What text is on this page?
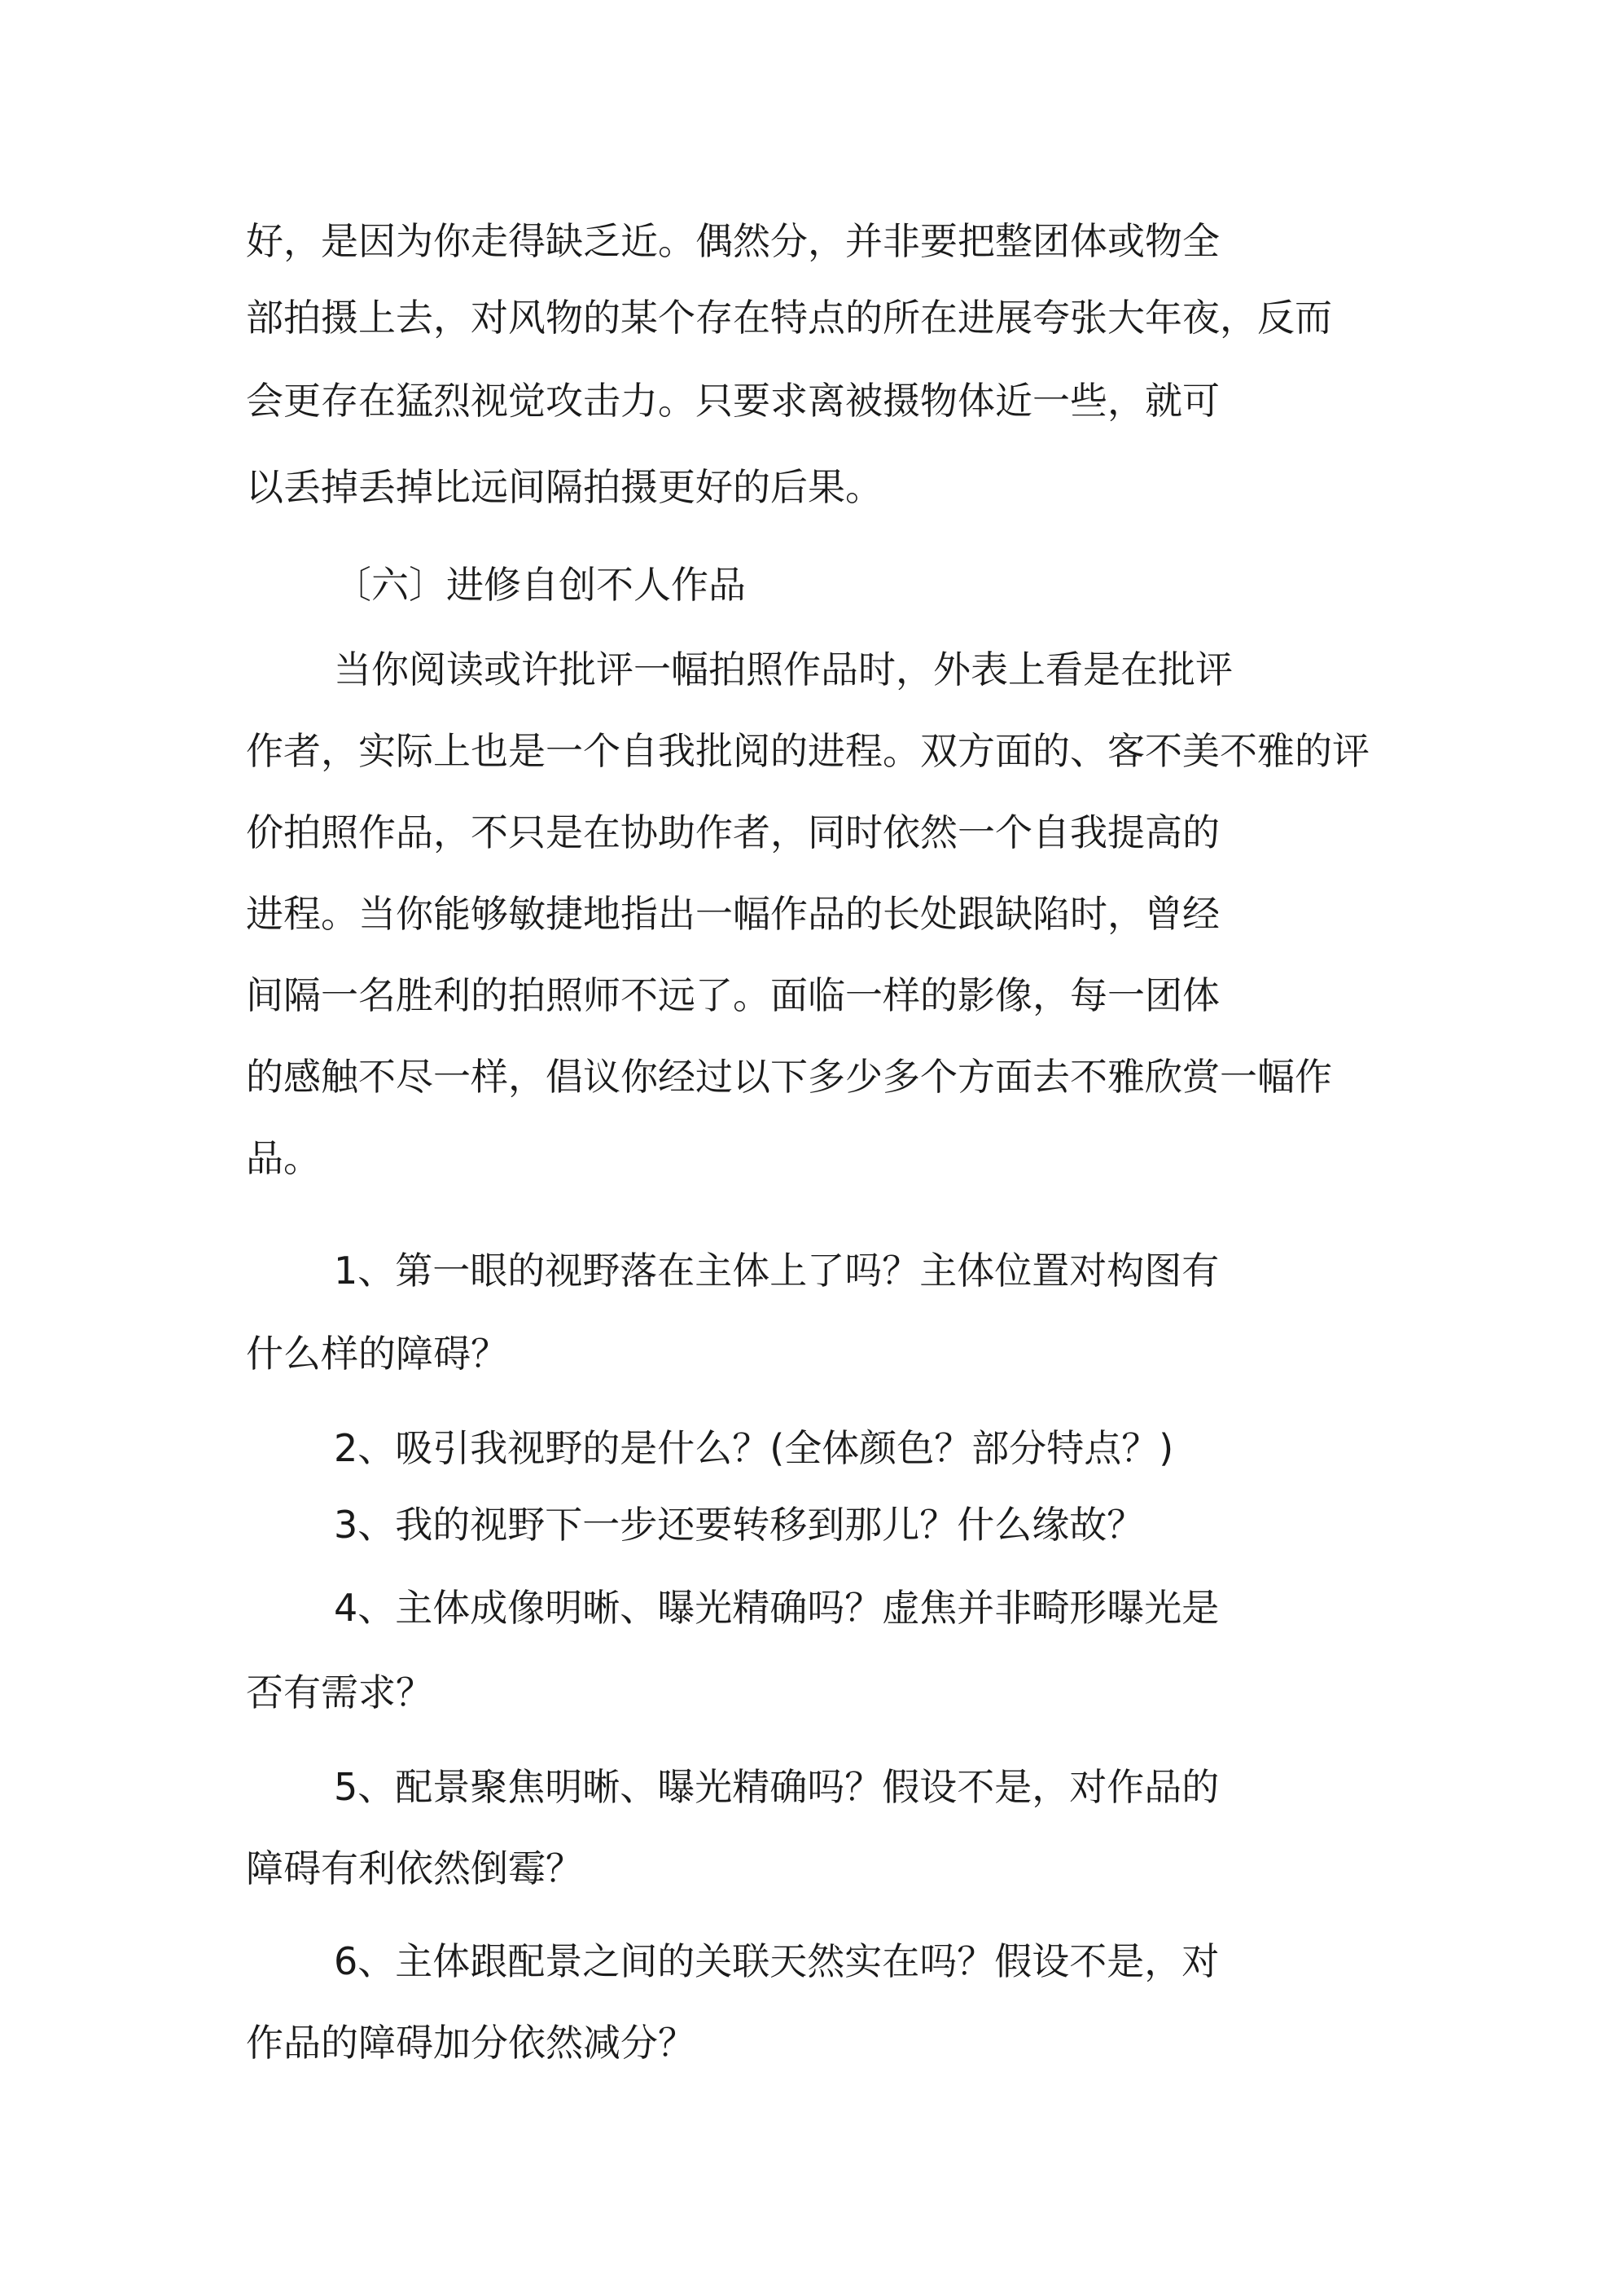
好，是因为你走得缺乏近。偶然分，并非要把整团体或物全
部拍摄上去，对风物的某个存在特点的所在进展夸张大年夜，反而
会更存在猛烈视觉攻击力。只要求离被摄物体近一些，就可
以丢掉丢掉比远间隔拍摄更好的后果。
〔六〕进修自创不人作品
当你阅读或许批评一幅拍照作品时，外表上看是在批评
作者，实际上也是一个自我批阅的进程。双方面的、客不美不雅的评
价拍照作品，不只是在协助作者，同时依然一个自我提高的
进程。当你能够敏捷地指出一幅作品的长处跟缺陷时，曾经
间隔一名胜利的拍照师不远了。面临一样的影像，每一团体
的感触不尽一样，倡议你经过以下多少多个方面去不雅欣赏一幅作
品。
1、第一眼的视野落在主体上了吗？主体位置对构图有
什么样的障碍？
2、吸引我视野的是什么？(全体颜色？部分特点？)
3、我的视野下一步还要转移到那儿？什么缘故？
4、主体成像明晰、曝光精确吗？虚焦并非畸形曝光是
否有需求？
5、配景聚焦明晰、曝光精确吗？假设不是，对作品的
障碍有利依然倒霉？
6、主体跟配景之间的关联天然实在吗？假设不是，对
作品的障碍加分依然减分？
